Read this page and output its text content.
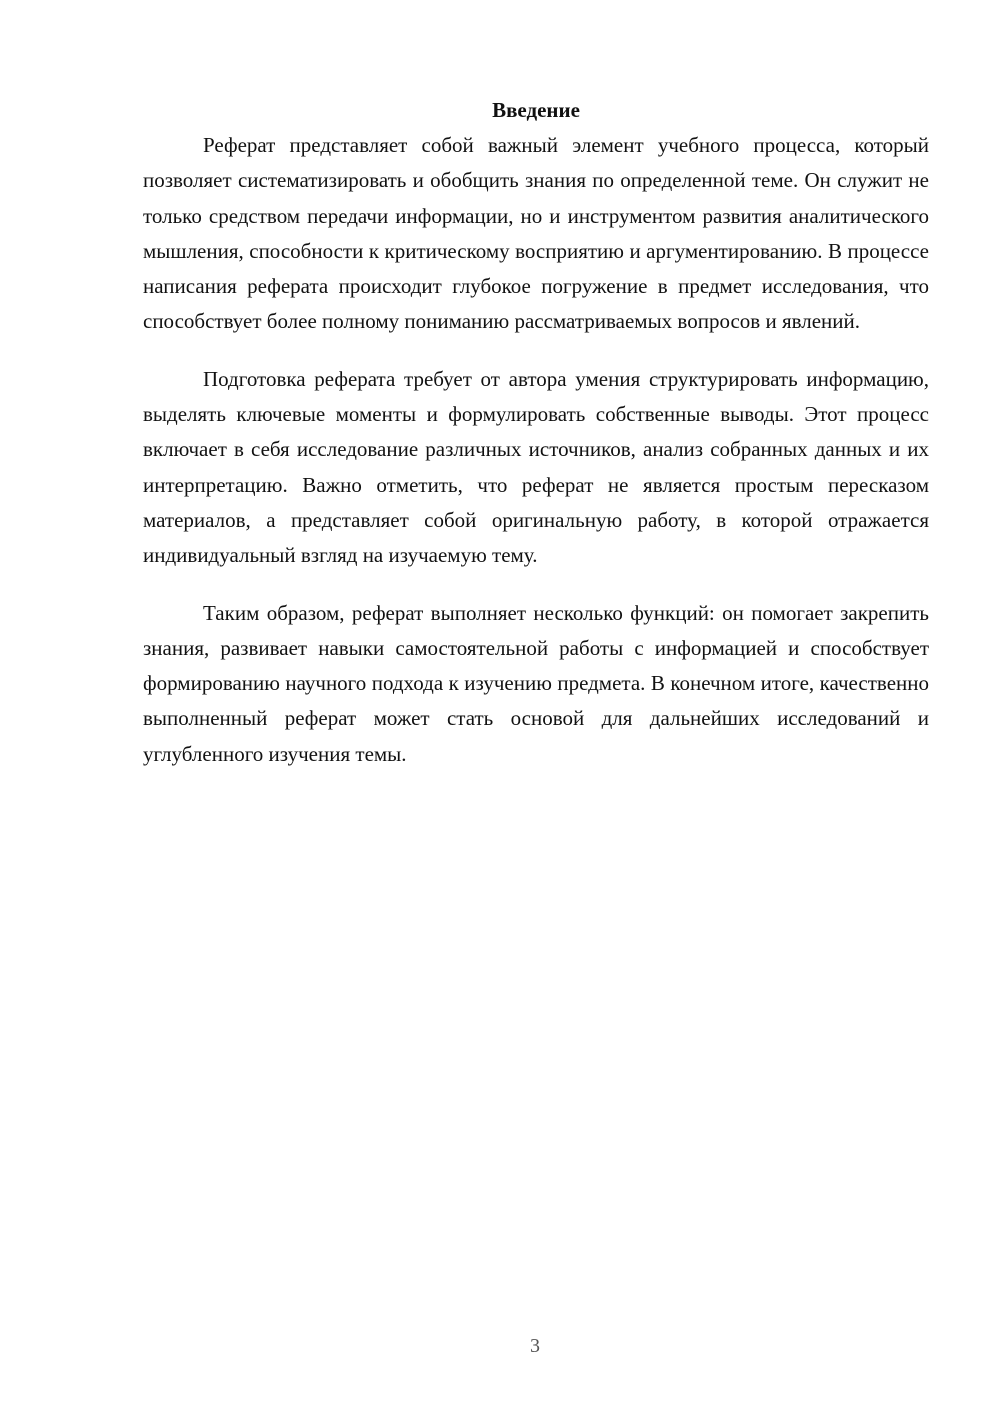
Введение

Реферат представляет собой важный элемент учебного процесса, который позволяет систематизировать и обобщить знания по определенной теме. Он служит не только средством передачи информации, но и инструментом развития аналитического мышления, способности к критическому восприятию и аргументированию. В процессе написания реферата происходит глубокое погружение в предмет исследования, что способствует более полному пониманию рассматриваемых вопросов и явлений.

Подготовка реферата требует от автора умения структурировать информацию, выделять ключевые моменты и формулировать собственные выводы. Этот процесс включает в себя исследование различных источников, анализ собранных данных и их интерпретацию. Важно отметить, что реферат не является простым пересказом материалов, а представляет собой оригинальную работу, в которой отражается индивидуальный взгляд на изучаемую тему.

Таким образом, реферат выполняет несколько функций: он помогает закрепить знания, развивает навыки самостоятельной работы с информацией и способствует формированию научного подхода к изучению предмета. В конечном итоге, качественно выполненный реферат может стать основой для дальнейших исследований и углубленного изучения темы.

3
